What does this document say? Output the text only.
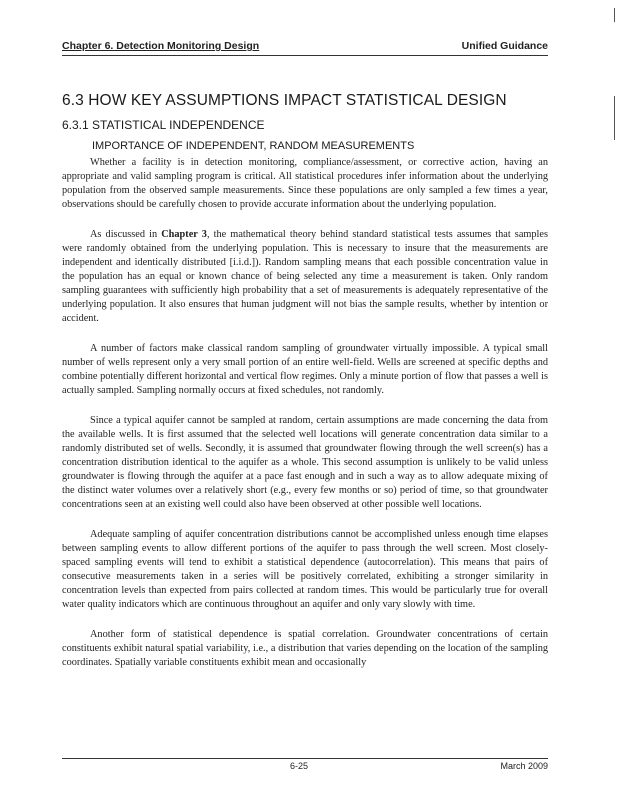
Chapter 6. Detection Monitoring Design	Unified Guidance
6.3 HOW KEY ASSUMPTIONS IMPACT STATISTICAL DESIGN
6.3.1 STATISTICAL INDEPENDENCE
IMPORTANCE OF INDEPENDENT, RANDOM MEASUREMENTS

Whether a facility is in detection monitoring, compliance/assessment, or corrective action, having an appropriate and valid sampling program is critical. All statistical procedures infer information about the underlying population from the observed sample measurements. Since these populations are only sampled a few times a year, observations should be carefully chosen to provide accurate information about the underlying population.

As discussed in Chapter 3, the mathematical theory behind standard statistical tests assumes that samples were randomly obtained from the underlying population. This is necessary to insure that the measurements are independent and identically distributed [i.i.d.]). Random sampling means that each possible concentration value in the population has an equal or known chance of being selected any time a measurement is taken. Only random sampling guarantees with sufficiently high probability that a set of measurements is adequately representative of the underlying population. It also ensures that human judgment will not bias the sample results, whether by intention or accident.

A number of factors make classical random sampling of groundwater virtually impossible. A typical small number of wells represent only a very small portion of an entire well-field. Wells are screened at specific depths and combine potentially different horizontal and vertical flow regimes. Only a minute portion of flow that passes a well is actually sampled. Sampling normally occurs at fixed schedules, not randomly.

Since a typical aquifer cannot be sampled at random, certain assumptions are made concerning the data from the available wells. It is first assumed that the selected well locations will generate concentration data similar to a randomly distributed set of wells. Secondly, it is assumed that groundwater flowing through the well screen(s) has a concentration distribution identical to the aquifer as a whole. This second assumption is unlikely to be valid unless groundwater is flowing through the aquifer at a pace fast enough and in such a way as to allow adequate mixing of the distinct water volumes over a relatively short (e.g., every few months or so) period of time, so that groundwater concentrations seen at an existing well could also have been observed at other possible well locations.

Adequate sampling of aquifer concentration distributions cannot be accomplished unless enough time elapses between sampling events to allow different portions of the aquifer to pass through the well screen. Most closely-spaced sampling events will tend to exhibit a statistical dependence (autocorrelation). This means that pairs of consecutive measurements taken in a series will be positively correlated, exhibiting a stronger similarity in concentration levels than expected from pairs collected at random times. This would be particularly true for overall water quality indicators which are continuous throughout an aquifer and only vary slowly with time.

Another form of statistical dependence is spatial correlation. Groundwater concentrations of certain constituents exhibit natural spatial variability, i.e., a distribution that varies depending on the location of the sampling coordinates. Spatially variable constituents exhibit mean and occasionally

6-25	March 2009
